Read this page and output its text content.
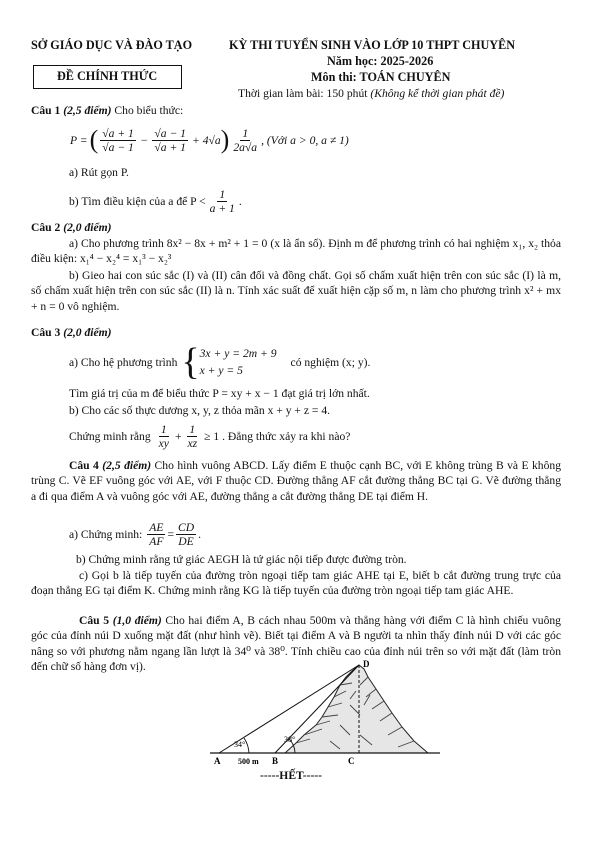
SỞ GIÁO DỤC VÀ ĐÀO TẠO	KỲ THI TUYỂN SINH VÀO LỚP 10 THPT CHUYÊN
ĐỀ CHÍNH THỨC
Năm học: 2025-2026
Môn thi: TOÁN CHUYÊN
Thời gian làm bài: 150 phút (Không kể thời gian phát đề)
Câu 1 (2,5 điểm) Cho biểu thức:
P = ( $\frac{√a + 1}{√a - 1} - \frac{√a - 1}{√a + 1} + 4√a$ ) $\frac{1}{2a√a}$ , (Với a > 0, a ≠ 1)
a) Rút gọn P.
b) Tìm điều kiện của a để $P < \frac{1}{a + 1}$ .
Câu 2 (2,0 điểm)
a) Cho phương trình 8x² − 8x + m² + 1 = 0 (x là ẩn số). Định m để phương trình có hai nghiệm x₁, x₂ thỏa điều kiện: x₁⁴ − x₂⁴ = x₁³ − x₂³
b) Gieo hai con súc sắc (I) và (II) cân đối và đồng chất. Gọi số chấm xuất hiện trên con súc sắc (I) là m, số chấm xuất hiện trên con súc sắc (II) là n. Tính xác suất để xuất hiện cặp số m, n làm cho phương trình x² + mx + n = 0 vô nghiệm.
Câu 3 (2,0 điểm)
a) Cho hệ phương trình { 3x + y = 2m + 9
x + y = 5
có nghiệm (x; y).
Tìm giá trị của m để biểu thức P = xy + x − 1 đạt giá trị lớn nhất.
b) Cho các số thực dương x, y, z thỏa mãn x + y + z = 4.
Chứng minh rằng $\frac{1}{xy} + \frac{1}{xz} \ge 1$ . Đẳng thức xảy ra khi nào?
Câu 4 (2,5 điểm) Cho hình vuông ABCD. Lấy điểm E thuộc cạnh BC, với E không trùng B và E không trùng C. Vẽ EF vuông góc với AE, với F thuộc CD. Đường thẳng AF cắt đường thẳng BC tại G. Vẽ đường thẳng a đi qua điểm A và vuông góc với AE, đường thẳng a cắt đường thẳng DE tại điểm H.
a) Chứng minh: $\frac{AE}{AF} = \frac{CD}{DE}$ .
b) Chứng minh rằng tứ giác AEGH là tứ giác nội tiếp được đường tròn.
c) Gọi b là tiếp tuyến của đường tròn ngoại tiếp tam giác AHE tại E, biết b cắt đường trung trực của đoạn thẳng EG tại điểm K. Chứng minh rằng KG là tiếp tuyến của đường tròn ngoại tiếp tam giác AHE.
Câu 5 (1,0 điểm) Cho hai điểm A, B cách nhau 500m và thẳng hàng với điểm C là hình chiếu vuông góc của đỉnh núi D xuống mặt đất (như hình vẽ). Biết tại điểm A và B người ta nhìn thấy đỉnh núi D với các góc nâng so với phương nằm ngang lần lượt là 34⁰ và 38⁰. Tính chiều cao của đỉnh núi trên so với mặt đất (làm tròn đến chữ số hàng đơn vị).
34°
38°
A	B	C
D
500 m
-----HẾT-----
